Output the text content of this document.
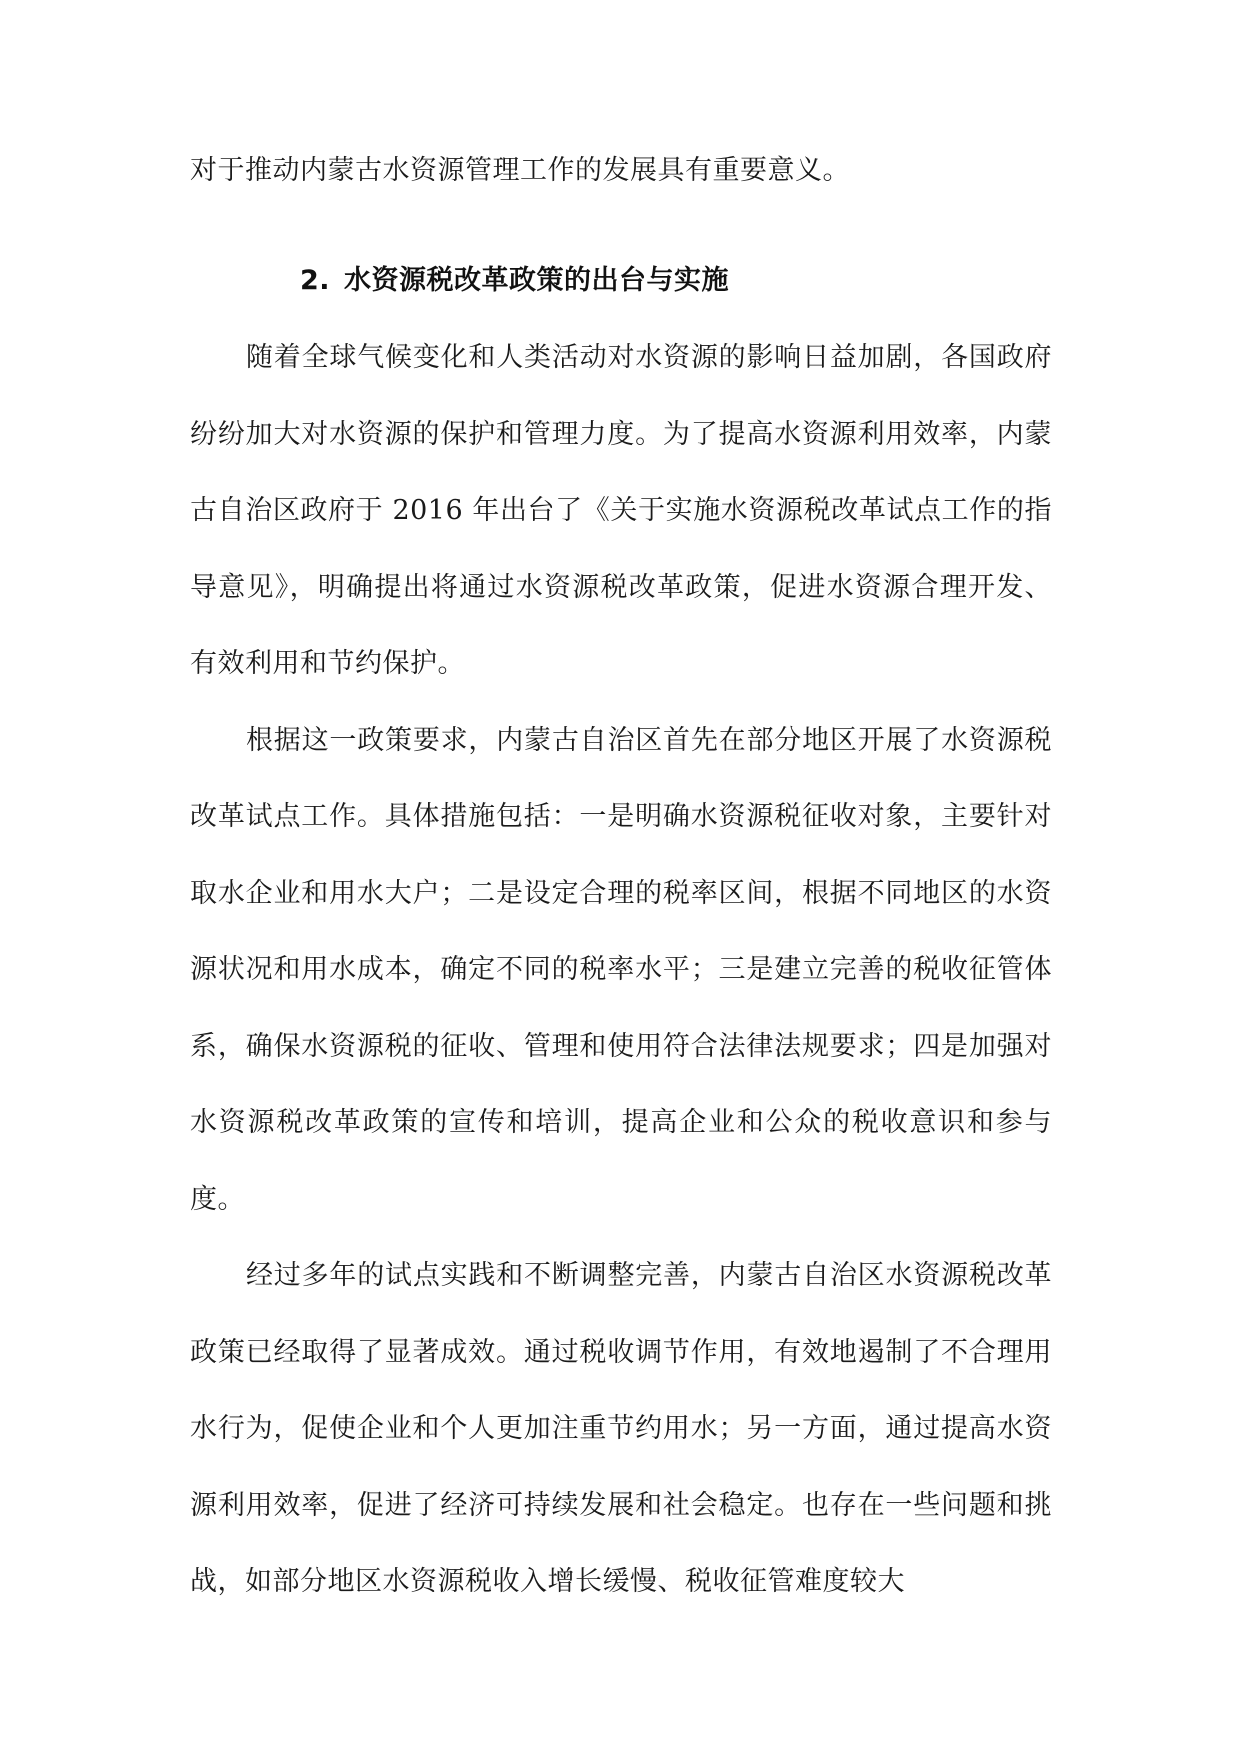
对于推动内蒙古水资源管理工作的发展具有重要意义。
2. 水资源税改革政策的出台与实施

随着全球气候变化和人类活动对水资源的影响日益加剧，各国政府纷纷加大对水资源的保护和管理力度。为了提高水资源利用效率，内蒙古自治区政府于 2016 年出台了《关于实施水资源税改革试点工作的指导意见》，明确提出将通过水资源税改革政策，促进水资源合理开发、有效利用和节约保护。

根据这一政策要求，内蒙古自治区首先在部分地区开展了水资源税改革试点工作。具体措施包括：一是明确水资源税征收对象，主要针对取水企业和用水大户；二是设定合理的税率区间，根据不同地区的水资源状况和用水成本，确定不同的税率水平；三是建立完善的税收征管体系，确保水资源税的征收、管理和使用符合法律法规要求；四是加强对水资源税改革政策的宣传和培训，提高企业和公众的税收意识和参与度。

经过多年的试点实践和不断调整完善，内蒙古自治区水资源税改革政策已经取得了显著成效。通过税收调节作用，有效地遏制了不合理用水行为，促使企业和个人更加注重节约用水；另一方面，通过提高水资源利用效率，促进了经济可持续发展和社会稳定。也存在一些问题和挑战，如部分地区水资源税收入增长缓慢、税收征管难度较大
